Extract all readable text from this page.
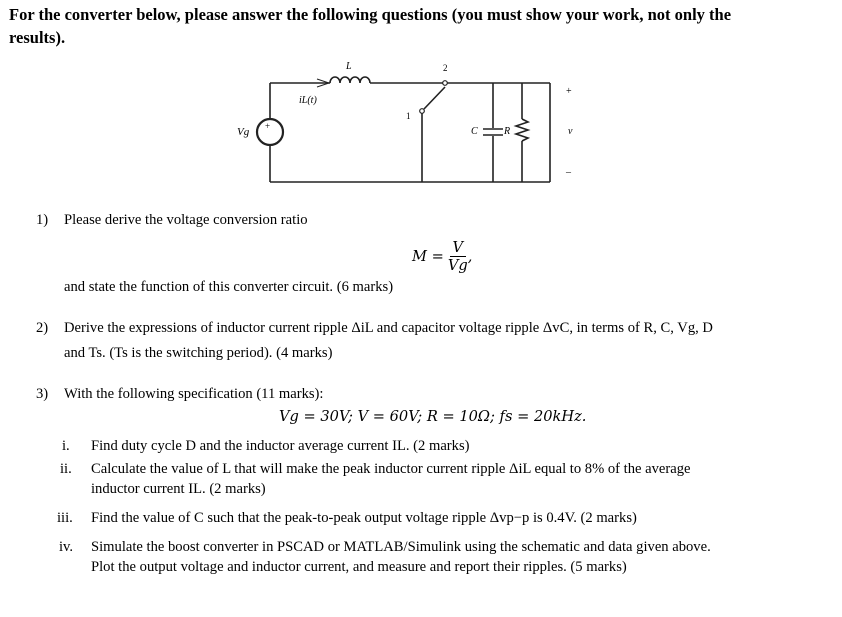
For the converter below, please answer the following questions (you must show your work, not only the
results).
L
iL(t)
2
1
Vg +	C	R
+
v
–
1) Please derive the voltage conversion ratio
M =
V
Vg
,
and state the function of this converter circuit. (6 marks)
2) Derive the expressions of inductor current ripple ΔiL and capacitor voltage ripple ΔvC, in terms of R, C, Vg, D
and Ts. (Ts is the switching period). (4 marks)
3) With the following specification (11 marks):
Vg = 30V; V = 60V; R = 10Ω; fs = 20kHz.
i. Find duty cycle D and the inductor average current IL. (2 marks)
ii. Calculate the value of L that will make the peak inductor current ripple ΔiL equal to 8% of the average
inductor current IL. (2 marks)
iii. Find the value of C such that the peak-to-peak output voltage ripple Δvp−p is 0.4V. (2 marks)
iv. Simulate the boost converter in PSCAD or MATLAB/Simulink using the schematic and data given above.
Plot the output voltage and inductor current, and measure and report their ripples. (5 marks)
